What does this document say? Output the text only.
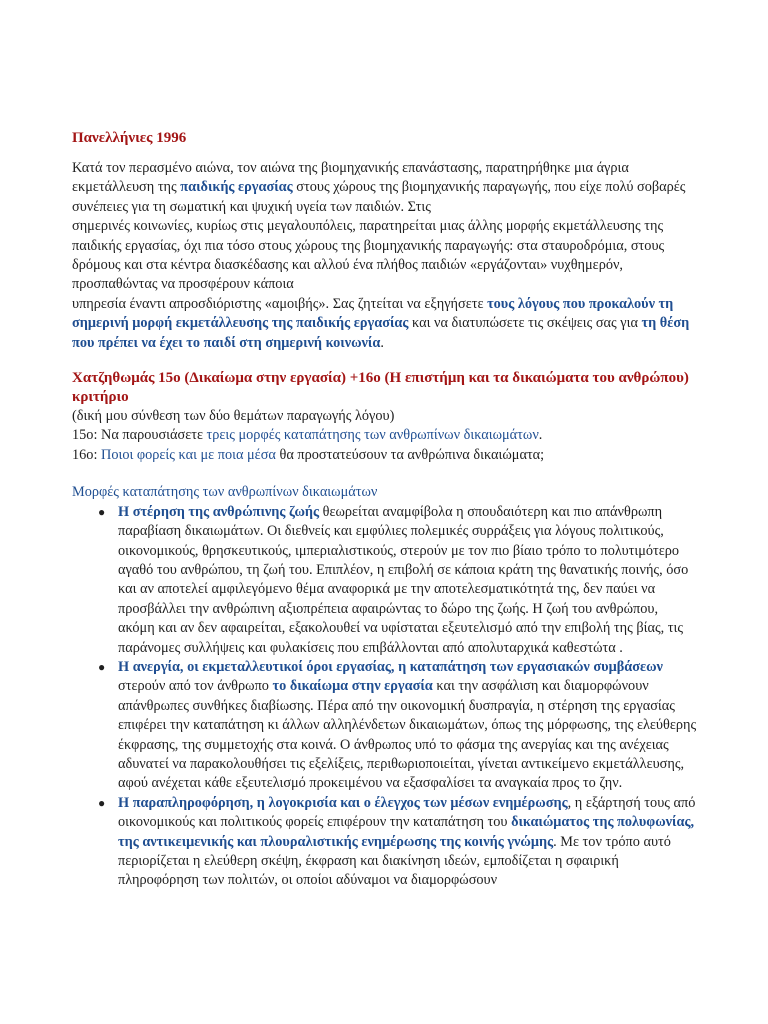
Πανελλήνιες 1996

Κατά τον περασμένο αιώνα, τον αιώνα της βιομηχανικής επανάστασης, παρατηρήθηκε μια άγρια εκμετάλλευση της παιδικής εργασίας στους χώρους της βιομηχανικής παραγωγής, που είχε πολύ σοβαρές συνέπειες για τη σωματική και ψυχική υγεία των παιδιών. Στις
σημερινές κοινωνίες, κυρίως στις μεγαλουπόλεις, παρατηρείται μιας άλλης μορφής εκμετάλλευσης της παιδικής εργασίας, όχι πια τόσο στους χώρους της βιομηχανικής παραγωγής: στα σταυροδρόμια, στους δρόμους και στα κέντρα διασκέδασης και αλλού ένα πλήθος παιδιών «εργάζονται» νυχθημερόν, προσπαθώντας να προσφέρουν κάποια
υπηρεσία έναντι απροσδιόριστης «αμοιβής». Σας ζητείται να εξηγήσετε τους λόγους που προκαλούν τη σημερινή μορφή εκμετάλλευσης της παιδικής εργασίας και να διατυπώσετε τις σκέψεις σας για τη θέση που πρέπει να έχει το παιδί στη σημερινή κοινωνία.

Χατζηθωμάς 15ο (Δικαίωμα στην εργασία) +16ο (Η επιστήμη και τα δικαιώματα του ανθρώπου) κριτήριο

(δική μου σύνθεση των δύο θεμάτων παραγωγής λόγου)

15ο: Να παρουσιάσετε τρεις μορφές καταπάτησης των ανθρωπίνων δικαιωμάτων.

16ο: Ποιοι φορείς και με ποια μέσα θα προστατεύσουν τα ανθρώπινα δικαιώματα;

Μορφές καταπάτησης των ανθρωπίνων δικαιωμάτων

● Η στέρηση της ανθρώπινης ζωής θεωρείται αναμφίβολα η σπουδαιότερη και πιο απάνθρωπη παραβίαση δικαιωμάτων. Οι διεθνείς και εμφύλιες πολεμικές συρράξεις για λόγους πολιτικούς, οικονομικούς, θρησκευτικούς, ιμπεριαλιστικούς, στερούν με τον πιο βίαιο τρόπο το πολυτιμότερο αγαθό του ανθρώπου, τη ζωή του. Επιπλέον, η επιβολή σε κάποια κράτη της θανατικής ποινής, όσο και αν αποτελεί αμφιλεγόμενο θέμα αναφορικά με την αποτελεσματικότητά της, δεν παύει να προσβάλλει την ανθρώπινη αξιοπρέπεια αφαιρώντας το δώρο της ζωής. Η ζωή του ανθρώπου, ακόμη και αν δεν αφαιρείται, εξακολουθεί να υφίσταται εξευτελισμό από την επιβολή της βίας, τις παράνομες συλλήψεις και φυλακίσεις που επιβάλλονται από απολυταρχικά καθεστώτα .
● Η ανεργία, οι εκμεταλλευτικοί όροι εργασίας, η καταπάτηση των εργασιακών συμβάσεων στερούν από τον άνθρωπο το δικαίωμα στην εργασία και την ασφάλιση και διαμορφώνουν απάνθρωπες συνθήκες διαβίωσης. Πέρα από την οικονομική δυσπραγία, η στέρηση της εργασίας επιφέρει την καταπάτηση κι άλλων αλληλένδετων δικαιωμάτων, όπως της μόρφωσης, της ελεύθερης έκφρασης, της συμμετοχής στα κοινά. Ο άνθρωπος υπό το φάσμα της ανεργίας και της ανέχειας αδυνατεί να παρακολουθήσει τις εξελίξεις, περιθωριοποιείται, γίνεται αντικείμενο εκμετάλλευσης, αφού ανέχεται κάθε εξευτελισμό προκειμένου να εξασφαλίσει τα αναγκαία προς το ζην.
● Η παραπληροφόρηση, η λογοκρισία και ο έλεγχος των μέσων ενημέρωσης, η εξάρτησή τους από οικονομικούς και πολιτικούς φορείς επιφέρουν την καταπάτηση του δικαιώματος της πολυφωνίας, της αντικειμενικής και πλουραλιστικής ενημέρωσης της κοινής γνώμης. Με τον τρόπο αυτό περιορίζεται η ελεύθερη σκέψη, έκφραση και διακίνηση ιδεών, εμποδίζεται η σφαιρική πληροφόρηση των πολιτών, οι οποίοι αδύναμοι να διαμορφώσουν
